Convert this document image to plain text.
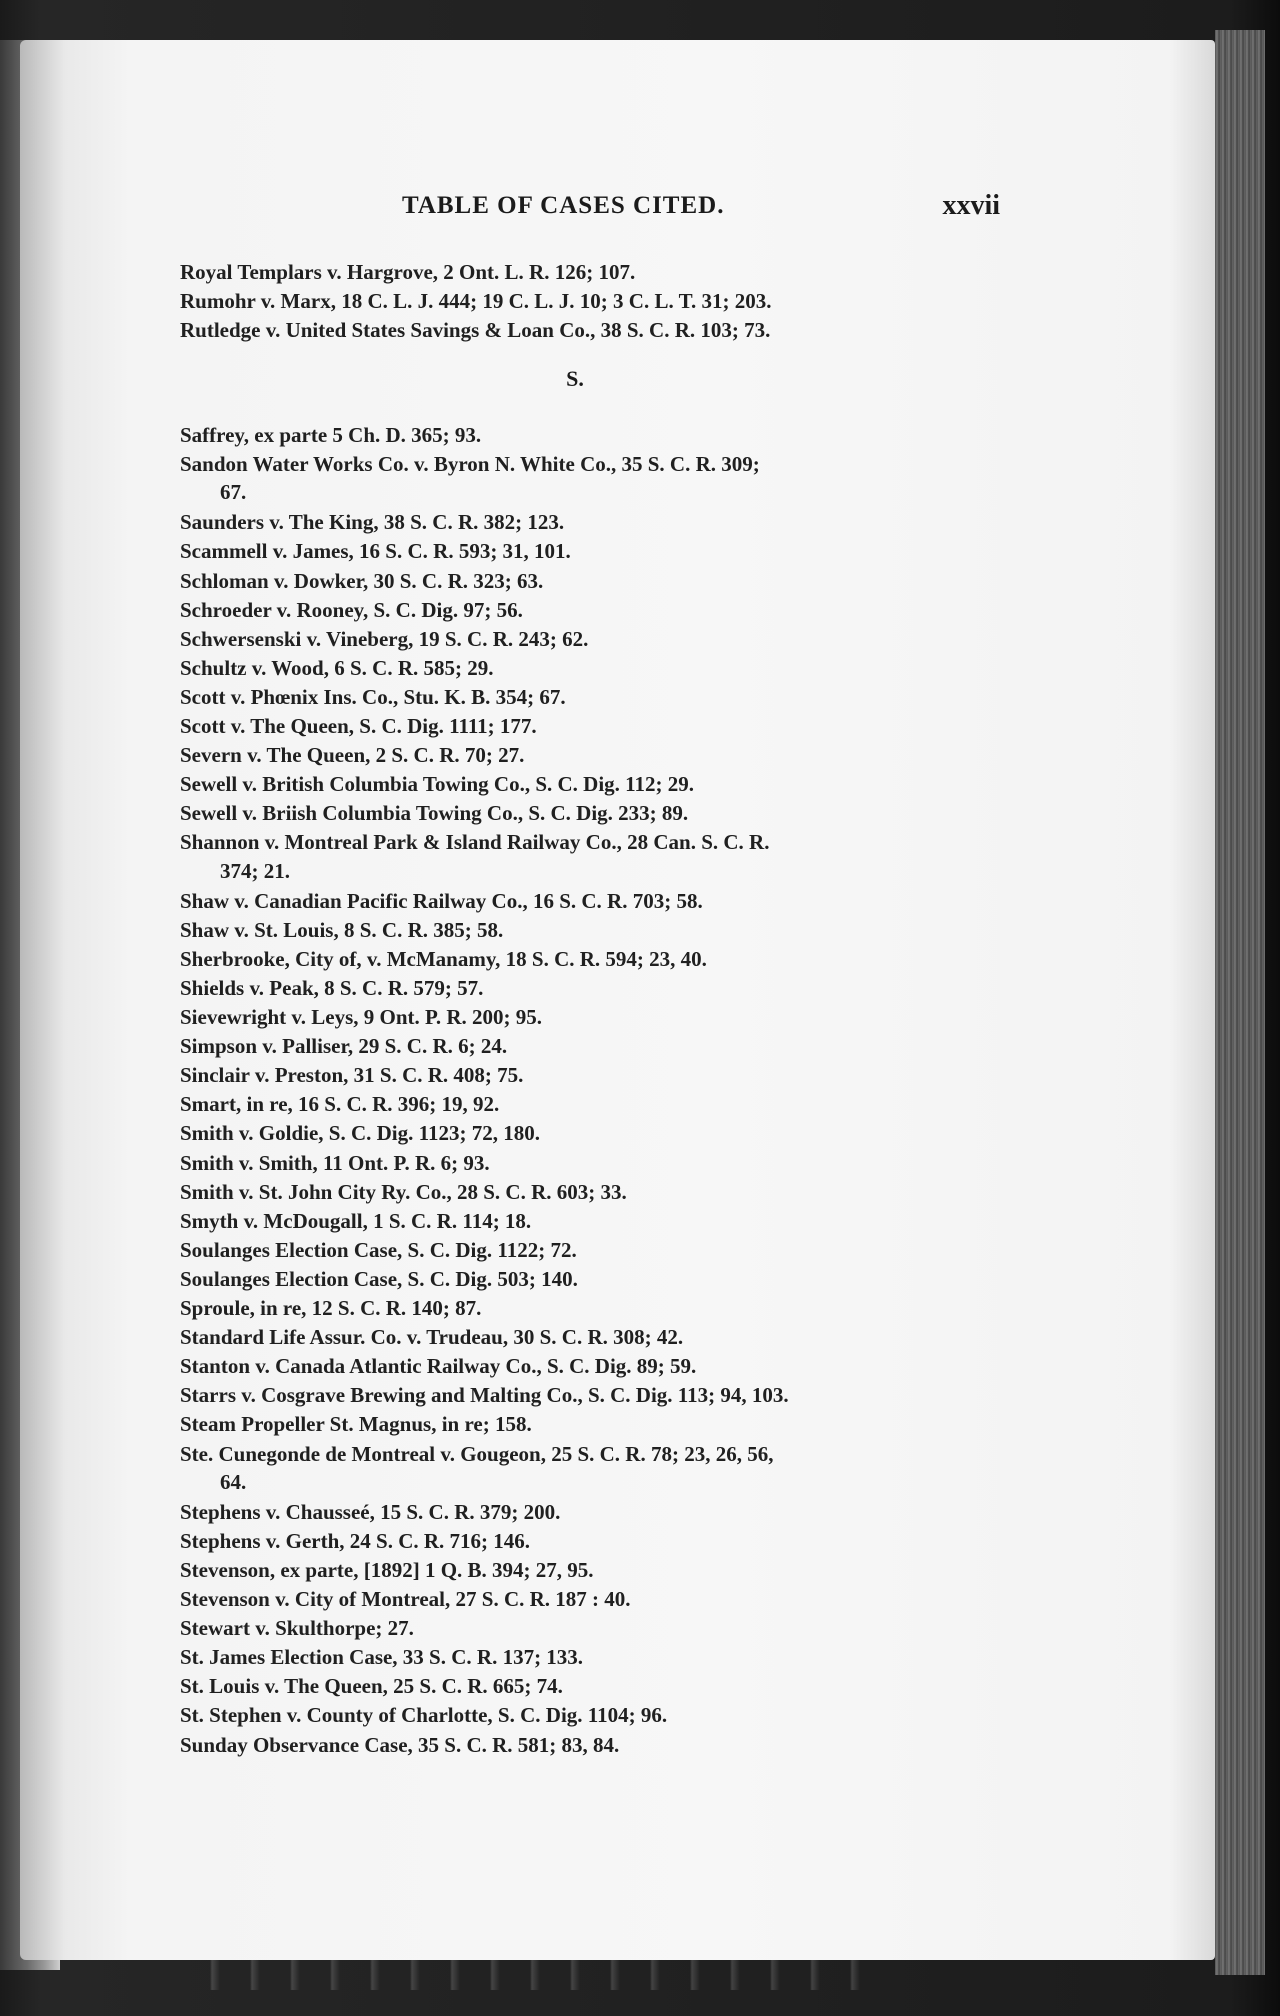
TABLE OF CASES CITED.	xxvii
Royal Templars v. Hargrove, 2 Ont. L. R. 126; 107.
Rumohr v. Marx, 18 C. L. J. 444; 19 C. L. J. 10; 3 C. L. T. 31; 203.
Rutledge v. United States Savings & Loan Co., 38 S. C. R. 103; 73.
S.
Saffrey, ex parte 5 Ch. D. 365; 93.
Sandon Water Works Co. v. Byron N. White Co., 35 S. C. R. 309;
67.
Saunders v. The King, 38 S. C. R. 382; 123.
Scammell v. James, 16 S. C. R. 593; 31, 101.
Schloman v. Dowker, 30 S. C. R. 323; 63.
Schroeder v. Rooney, S. C. Dig. 97; 56.
Schwersenski v. Vineberg, 19 S. C. R. 243; 62.
Schultz v. Wood, 6 S. C. R. 585; 29.
Scott v. Phœnix Ins. Co., Stu. K. B. 354; 67.
Scott v. The Queen, S. C. Dig. 1111; 177.
Severn v. The Queen, 2 S. C. R. 70; 27.
Sewell v. British Columbia Towing Co., S. C. Dig. 112; 29.
Sewell v. Briish Columbia Towing Co., S. C. Dig. 233; 89.
Shannon v. Montreal Park & Island Railway Co., 28 Can. S. C. R.
374; 21.
Shaw v. Canadian Pacific Railway Co., 16 S. C. R. 703; 58.
Shaw v. St. Louis, 8 S. C. R. 385; 58.
Sherbrooke, City of, v. McManamy, 18 S. C. R. 594; 23, 40.
Shields v. Peak, 8 S. C. R. 579; 57.
Sievewright v. Leys, 9 Ont. P. R. 200; 95.
Simpson v. Palliser, 29 S. C. R. 6; 24.
Sinclair v. Preston, 31 S. C. R. 408; 75.
Smart, in re, 16 S. C. R. 396; 19, 92.
Smith v. Goldie, S. C. Dig. 1123; 72, 180.
Smith v. Smith, 11 Ont. P. R. 6; 93.
Smith v. St. John City Ry. Co., 28 S. C. R. 603; 33.
Smyth v. McDougall, 1 S. C. R. 114; 18.
Soulanges Election Case, S. C. Dig. 1122; 72.
Soulanges Election Case, S. C. Dig. 503; 140.
Sproule, in re, 12 S. C. R. 140; 87.
Standard Life Assur. Co. v. Trudeau, 30 S. C. R. 308; 42.
Stanton v. Canada Atlantic Railway Co., S. C. Dig. 89; 59.
Starrs v. Cosgrave Brewing and Malting Co., S. C. Dig. 113; 94, 103.
Steam Propeller St. Magnus, in re; 158.
Ste. Cunegonde de Montreal v. Gougeon, 25 S. C. R. 78; 23, 26, 56,
64.
Stephens v. Chausseé, 15 S. C. R. 379; 200.
Stephens v. Gerth, 24 S. C. R. 716; 146.
Stevenson, ex parte, [1892] 1 Q. B. 394; 27, 95.
Stevenson v. City of Montreal, 27 S. C. R. 187 : 40.
Stewart v. Skulthorpe; 27.
St. James Election Case, 33 S. C. R. 137; 133.
St. Louis v. The Queen, 25 S. C. R. 665; 74.
St. Stephen v. County of Charlotte, S. C. Dig. 1104; 96.
Sunday Observance Case, 35 S. C. R. 581; 83, 84.
